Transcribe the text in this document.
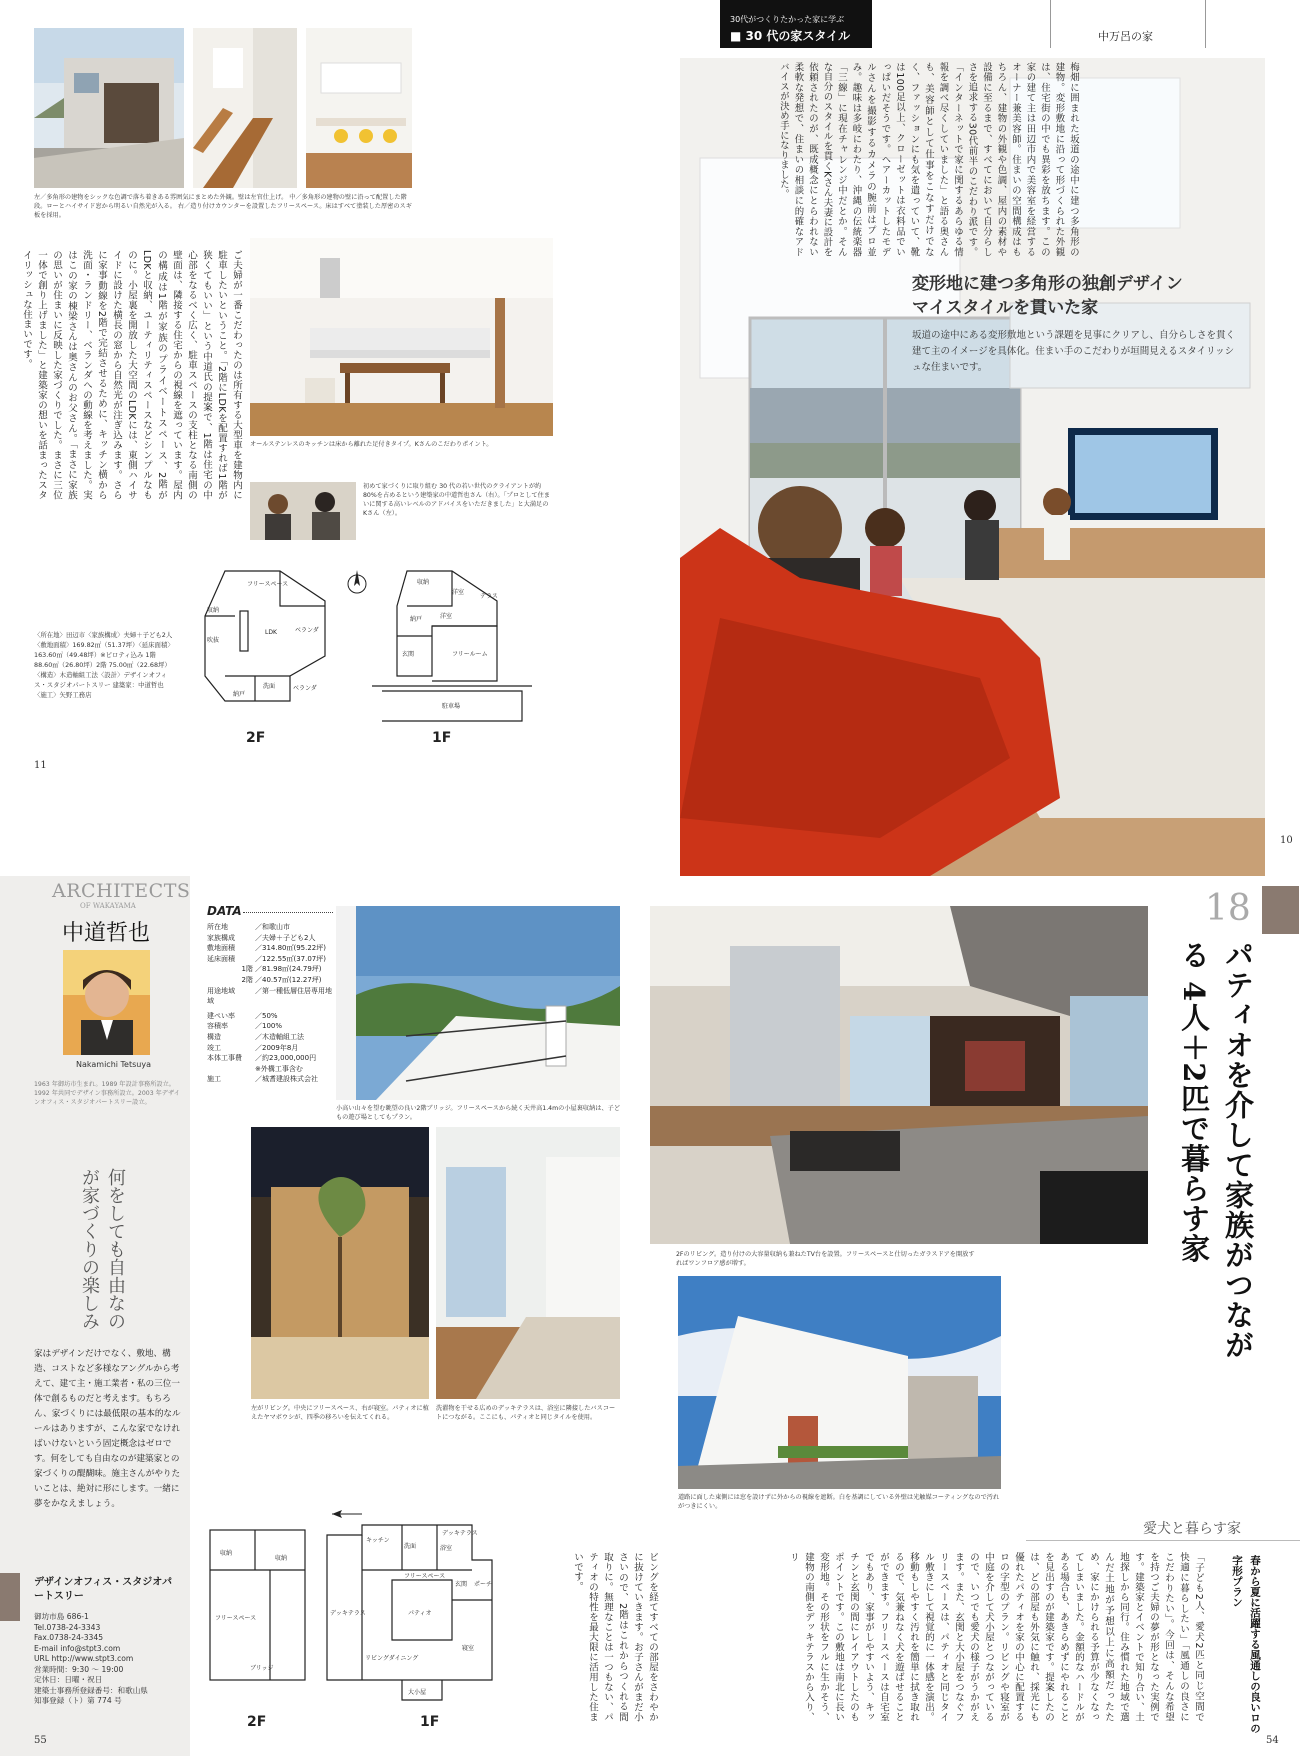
左／多角形の建物をシックな色調で落ち着きある雰囲気にまとめた外観。壁は左官仕上げ。 中／多角形の建物の壁に沿って配置した階段。ローとハイサイド窓から明るい自然光が入る。 右／造り付けカウンターを設置したフリースペース。床はすべて塗装した厚密のスギ板を採用。
ご夫婦が一番こだわったのは所有する大型車を建物内に駐車したいということ。「2階にLDKを配置すれば1階が狭くてもいい」という中道氏の提案で、1階は住宅の中心部をなるべく広く、駐車スペースの支柱となる南側の壁面は、隣接する住宅からの視線を遮っています。屋内の構成は1階が家族のプライベートスペース、2階がLDKと収納、ユーティリティスペースなどシンプルなものに。小屋裏を開放した大空間のLDKには、東側ハイサイドに設けた横長の窓から自然光が注ぎ込みます。さらに家事動線を2階で完結させるために、キッチン横から洗面・ランドリー、ベランダへの動線を考えました。実はこの家の棟梁さんは奥さんのお父さん。「まさに家族の思いが住まいに反映した家づくりでした。まさに三位一体で創り上げました」と建築家の想いを話まったスタイリッシュな住まいです。
オールステンレスのキッチンは床から離れた足付きタイプ。Kさんのこだわりポイント。
初めて家づくりに取り組む 30 代の若い世代のクライアントが約 80%を占めるという建築家の中道哲也さん（右）。「プロとして住まいに関する高いレベルのアドバイスをいただきました」と大満足の Kさん（左）。
〈所在地〉田辺市〈家族構成〉夫婦＋子ども2人〈敷地面積〉169.82㎡（51.37坪）〈延床面積〉163.60㎡（49.48坪）※ピロティ込み 1階 88.60㎡（26.80坪）2階 75.00㎡（22.68坪）〈構造〉木造軸組工法〈設計〉デザインオフィス・スタジオパートスリー 建築家：中道哲也〈施工〉矢野工務店
フリースペース
LDK	ベランダ
収納
洗面
納戸
ベランダ
吹抜
2F
収納
洋室
テラス
納戸	洋室
玄関	フリールーム
駐車場
1F
11
30代がつくりたかった家に学ぶ
■ 30 代の家スタイル	中万呂の家
梅畑に囲まれた坂道の途中に建つ多角形の建物。変形敷地に沿って形づくられた外観は、住宅街の中でも異彩を放ちます。この家の建て主は田辺市内で美容室を経営するオーナー兼美容師。住まいの空間構成はもちろん、建物の外観や色調、屋内の素材や設備に至るまで、すべてにおいて自分らしさを追求する30代前半のこだわり派です。「インターネットで家に関するあらゆる情報を調べ尽くしていました」と語る奥さんも、美容師として仕事をこなすだけでなく、ファッションにも気を遣っていて、靴は100足以上、クローゼットは衣料品でいっぱいだそうです。ヘアーカットしたモデルさんを撮影するカメラの腕前はプロ並み。趣味は多岐にわたり、沖縄の伝統楽器「三線」に現在チャレンジ中だとか。そんな自分のスタイルを貫くKさん夫妻に設計を依頼されたのが、既成概念にとらわれない柔軟な発想で、住まいの相談に的確なアドバイスが決め手になりました。
変形地に建つ多角形の独創デザイン
マイスタイルを貫いた家
坂道の途中にある変形敷地という課題を見事にクリアし、自分らしさを貫く建て主のイメージを具体化。住まい手のこだわりが垣間見えるスタイリッシュな住まいです。
10
ARCHITECTS
OF WAKAYAMA
中道哲也
Nakamichi Tetsuya
1963 年御坊市生まれ。1989 年設計事務所設立。1992 年共同でデザイン事務所設立。2003 年デザインオフィス・スタジオパートスリー設立。
何をしても自由なのが家づくりの楽しみ
家はデザインだけでなく、敷地、構造、コストなど多様なアングルから考えて、建て主・施工業者・私の三位一体で創るものだと考えます。もちろん、家づくりには最低限の基本的なルールはありますが、こんな家でなければいけないという固定概念はゼロです。何をしても自由なのが建築家との家づくりの醍醐味。施主さんがやりたいことは、絶対に形にします。一緒に夢をかなえましょう。
デザインオフィス・スタジオパートスリー
御坊市島 686-1
Tel.0738-24-3343
Fax.0738-24-3345
E-mail info@stpt3.com
URL http://www.stpt3.com
営業時間：9:30 ～ 19:00
定休日：日曜・祝日
建築士事務所登録番号：和歌山県
知事登録（ト）第 774 号
DATA
所在地	／和歌山市
家族構成	／夫婦＋子ども2人
敷地面積	／314.80㎡(95.22坪)
延床面積	／122.55㎡(37.07坪)
1階 ／81.98㎡(24.79坪)
2階 ／40.57㎡(12.27坪)
用途地域	／第一種低層住居専用地域
建ぺい率	／50%
容積率	／100%
構造	／木造軸組工法
竣工	／2009年8月
本体工事費 ／約23,000,000円
※外構工事含む
施工	／城耆建設株式会社
小高い山々を望む眺望の良い2階ブリッジ。フリースペースから続く天井高1.4mの小屋裏収納は、子どもの遊び場としてもプラン。
左がリビング。中央にフリースペース、右が寝室。パティオに植えたヤマボウシが、四季の移ろいを伝えてくれる。
洗濯物を干せる広めのデッキテラスは、浴室に隣接したバスコートにつながる。ここにも、パティオと同じタイルを使用。
2Fのリビング。造り付けの大容量収納も兼ねたTV台を設置。フリースペースと仕切ったガラスドアを開放すればワンフロア感が増す。
道路に面した東側には窓を設けずに外からの視線を遮断。白を基調にしている外壁は光触媒コーティングなので汚れがつきにくい。
18
パティオを介して家族がつながる 4人＋2匹で暮らす家
愛犬と暮らす家
春から夏に活躍する風通しの良いロの字形プラン
「子ども2人、愛犬2匹と同じ空間で快適に暮らしたい」「風通しの良さにこだわりたい」。今回は、そんな希望を持つご夫婦の夢が形となった実例です。建築家とイベントで知り合い、土地探しから同行。住み慣れた地域で選んだ土地が予想以上に高額だったため、家にかけられる予算が少なくなってしまいました。金額的なハードルがある場合も、あきらめずにやれることを見出すのが建築家です。提案したのは、どの部屋も外気に触れ、採光にも優れたパティオを家の中心に配置するロの字型のプラン。リビングや寝室が中庭を介して犬小屋とつながっているので、いつでも愛犬の様子がうかがえます。また、玄関と大小屋をつなぐフリースペースは、パティオと同じタイル敷きにして視覚的に一体感を演出。移動もしやすく汚れを簡単に拭き取れるので、気兼ねなく犬を遊ばせることができます。フリースペースは自宅室でもあり、家事がしやすいよう、キッチンと玄関の間にレイアウトしたのもポイントです。この敷地は南北に長い変形地。その形状をフルに生かそう、建物の南側をデッキテラスから入り、リ
ビングを経てすべての部屋をさわやかに抜けていきます。お子さんがまだ小さいので、2階はこれからつくれる間取りに。無理なことは一つもない、パティオの特性を最大限に活用した住まいです。
収納
収納
フリースペース
ブリッジ
2F
デッキテラス
キッチン
洗面	浴室
フリースペース
玄関 ポーチ
デッキテラス
リビングダイニング
パティオ
寝室
大小屋
1F
55	54
